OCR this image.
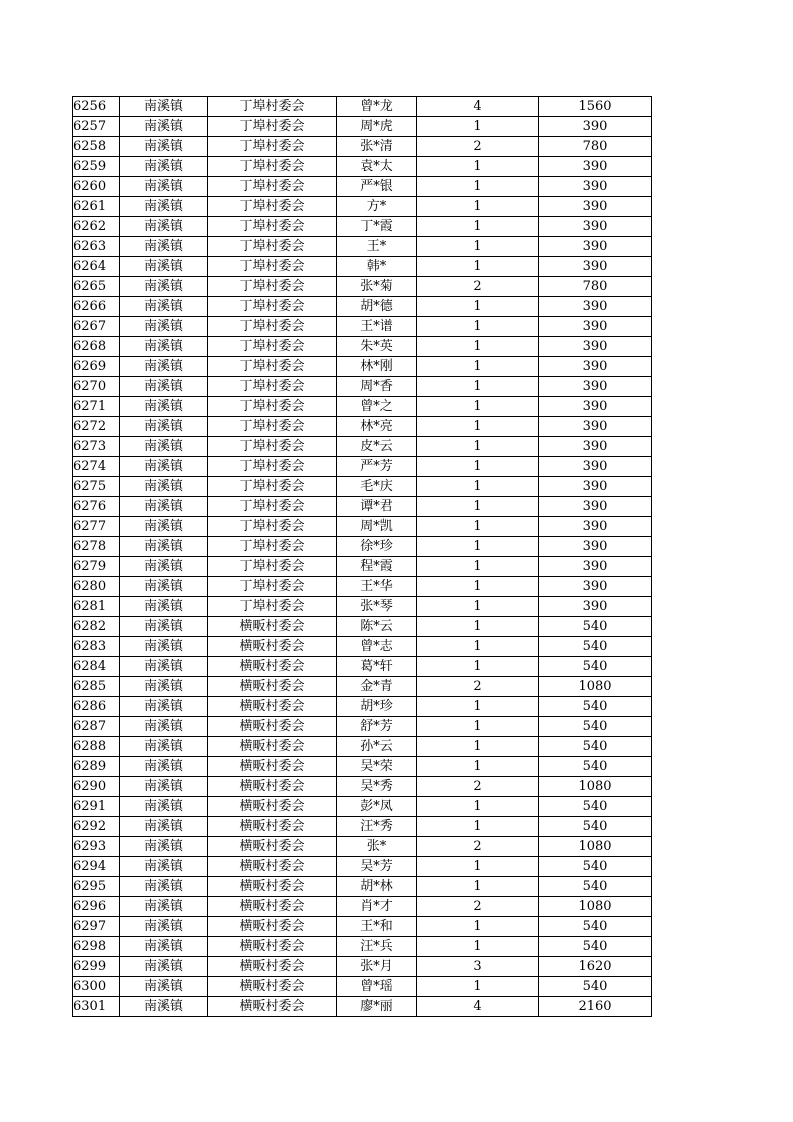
6256	南溪镇	丁埠村委会	曾*龙	4	1560
6257	南溪镇	丁埠村委会	周*虎	1	390
6258	南溪镇	丁埠村委会	张*清	2	780
6259	南溪镇	丁埠村委会	袁*太	1	390
6260	南溪镇	丁埠村委会	严*银	1	390
6261	南溪镇	丁埠村委会	方*	1	390
6262	南溪镇	丁埠村委会	丁*霞	1	390
6263	南溪镇	丁埠村委会	王*	1	390
6264	南溪镇	丁埠村委会	韩*	1	390
6265	南溪镇	丁埠村委会	张*菊	2	780
6266	南溪镇	丁埠村委会	胡*德	1	390
6267	南溪镇	丁埠村委会	王*谱	1	390
6268	南溪镇	丁埠村委会	朱*英	1	390
6269	南溪镇	丁埠村委会	林*刚	1	390
6270	南溪镇	丁埠村委会	周*香	1	390
6271	南溪镇	丁埠村委会	曾*之	1	390
6272	南溪镇	丁埠村委会	林*亮	1	390
6273	南溪镇	丁埠村委会	皮*云	1	390
6274	南溪镇	丁埠村委会	严*芳	1	390
6275	南溪镇	丁埠村委会	毛*庆	1	390
6276	南溪镇	丁埠村委会	谭*君	1	390
6277	南溪镇	丁埠村委会	周*凯	1	390
6278	南溪镇	丁埠村委会	徐*珍	1	390
6279	南溪镇	丁埠村委会	程*霞	1	390
6280	南溪镇	丁埠村委会	王*华	1	390
6281	南溪镇	丁埠村委会	张*琴	1	390
6282	南溪镇	横畈村委会	陈*云	1	540
6283	南溪镇	横畈村委会	曾*志	1	540
6284	南溪镇	横畈村委会	葛*轩	1	540
6285	南溪镇	横畈村委会	金*青	2	1080
6286	南溪镇	横畈村委会	胡*珍	1	540
6287	南溪镇	横畈村委会	舒*芳	1	540
6288	南溪镇	横畈村委会	孙*云	1	540
6289	南溪镇	横畈村委会	吴*荣	1	540
6290	南溪镇	横畈村委会	吴*秀	2	1080
6291	南溪镇	横畈村委会	彭*凤	1	540
6292	南溪镇	横畈村委会	汪*秀	1	540
6293	南溪镇	横畈村委会	张*	2	1080
6294	南溪镇	横畈村委会	吴*芳	1	540
6295	南溪镇	横畈村委会	胡*林	1	540
6296	南溪镇	横畈村委会	肖*才	2	1080
6297	南溪镇	横畈村委会	王*和	1	540
6298	南溪镇	横畈村委会	汪*兵	1	540
6299	南溪镇	横畈村委会	张*月	3	1620
6300	南溪镇	横畈村委会	曾*瑶	1	540
6301	南溪镇	横畈村委会	廖*丽	4	2160
